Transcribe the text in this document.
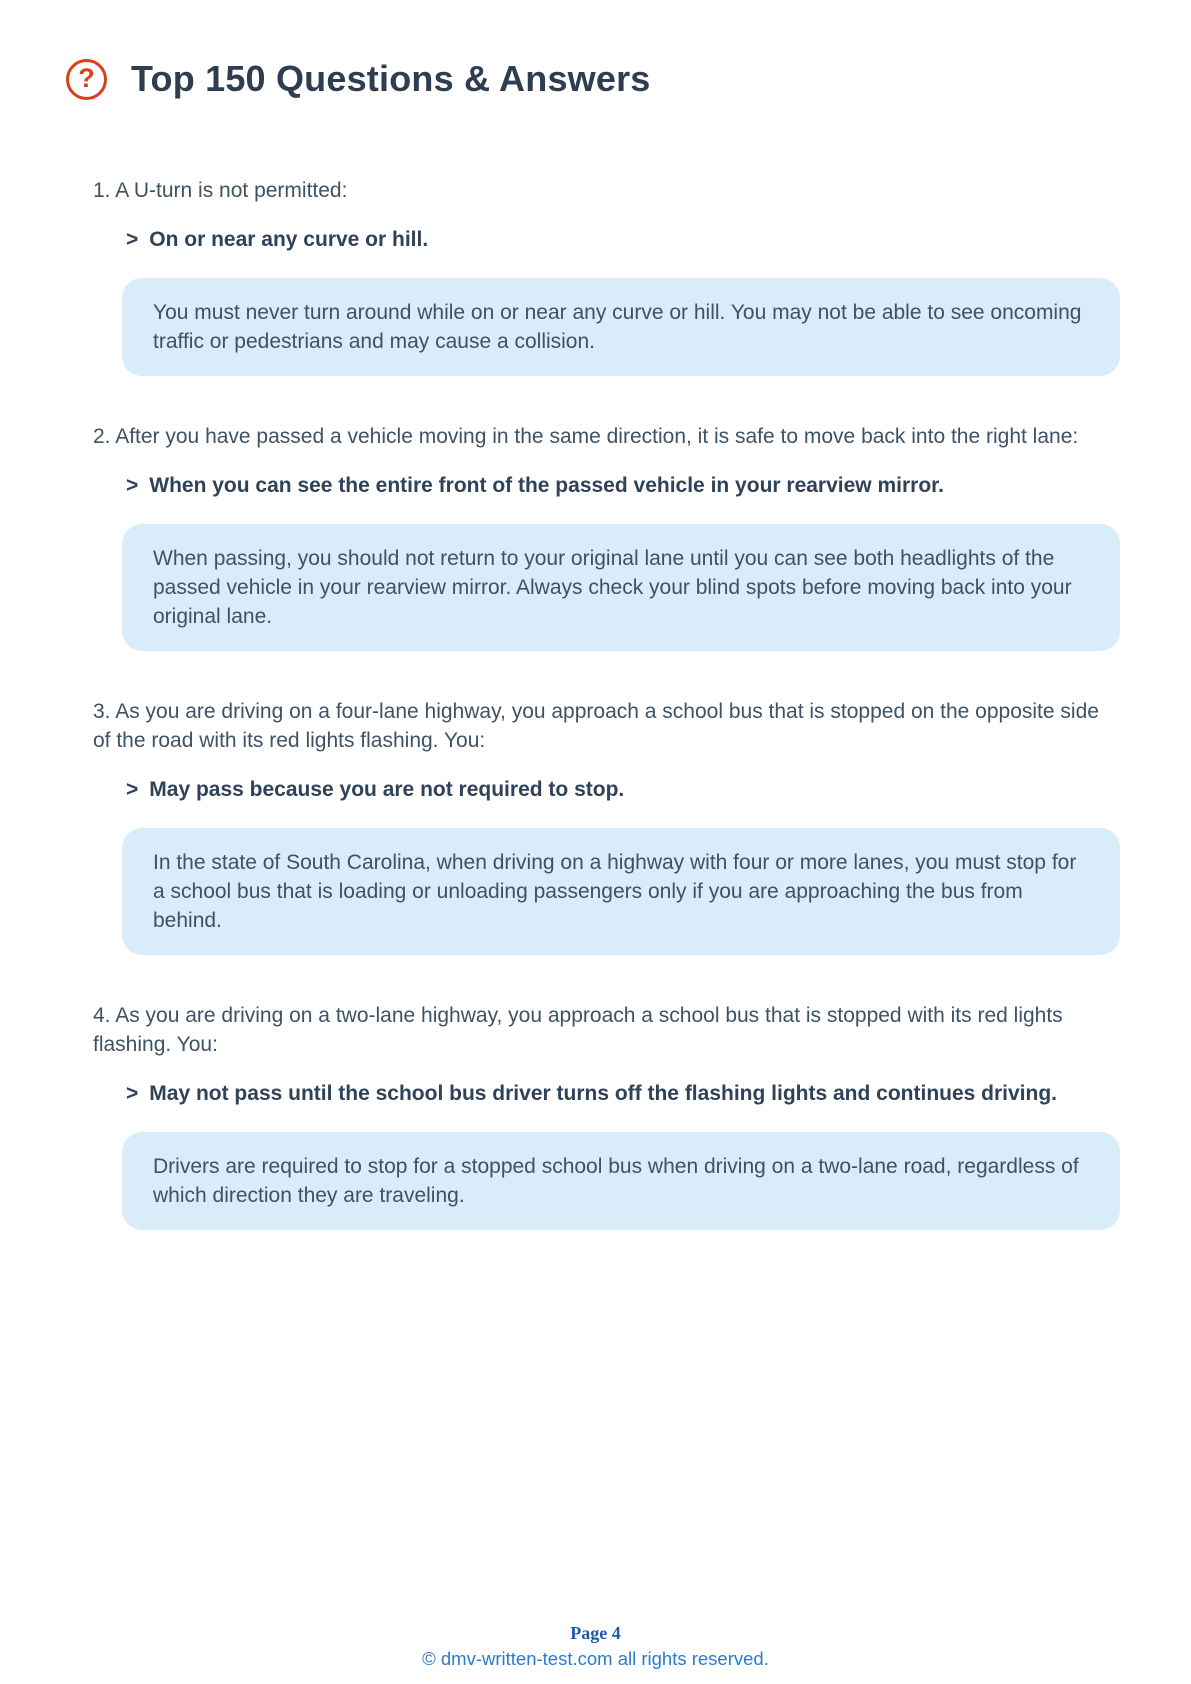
? Top 150 Questions & Answers

1. A U-turn is not permitted:

> On or near any curve or hill.

You must never turn around while on or near any curve or hill. You may not be able to see oncoming traffic or pedestrians and may cause a collision.

2. After you have passed a vehicle moving in the same direction, it is safe to move back into the right lane:

> When you can see the entire front of the passed vehicle in your rearview mirror.

When passing, you should not return to your original lane until you can see both headlights of the passed vehicle in your rearview mirror. Always check your blind spots before moving back into your original lane.

3. As you are driving on a four-lane highway, you approach a school bus that is stopped on the opposite side of the road with its red lights flashing. You:

> May pass because you are not required to stop.

In the state of South Carolina, when driving on a highway with four or more lanes, you must stop for a school bus that is loading or unloading passengers only if you are approaching the bus from behind.

4. As you are driving on a two-lane highway, you approach a school bus that is stopped with its red lights flashing. You:

> May not pass until the school bus driver turns off the flashing lights and continues driving.

Drivers are required to stop for a stopped school bus when driving on a two-lane road, regardless of which direction they are traveling.
Page 4
© dmv-written-test.com all rights reserved.
